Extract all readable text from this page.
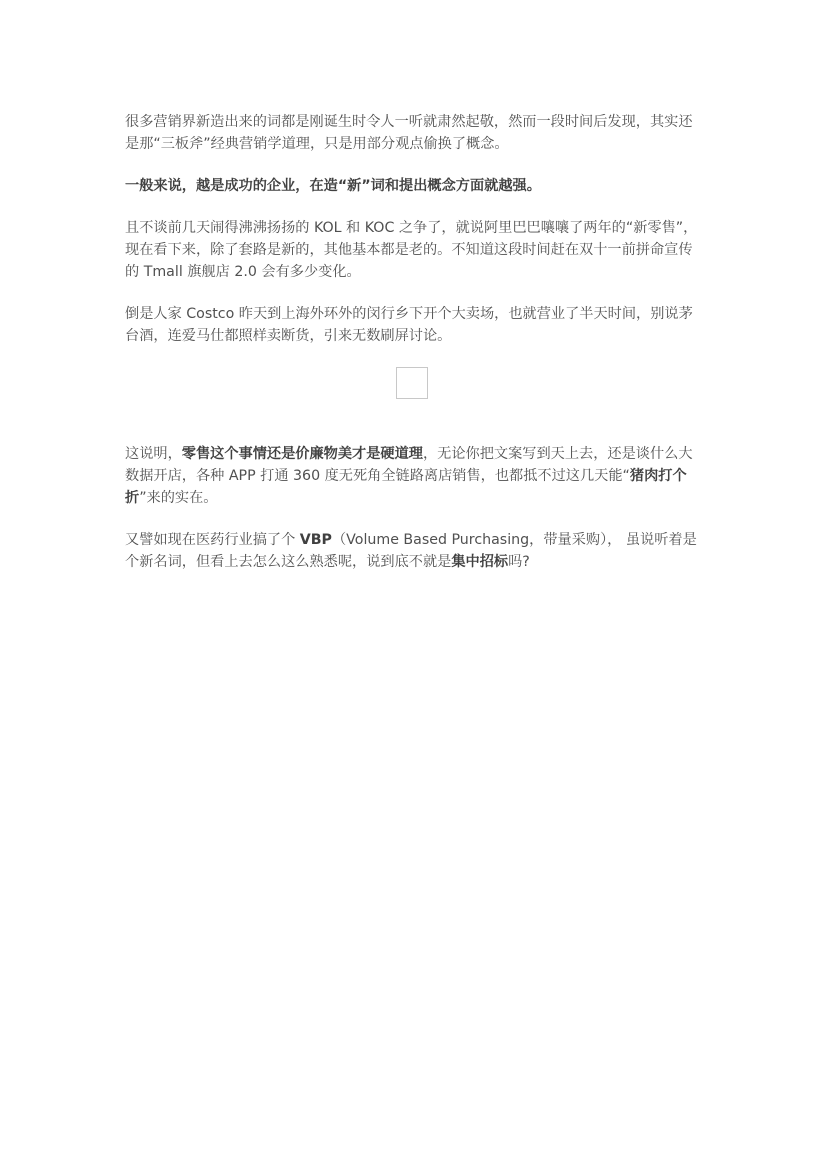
很多营销界新造出来的词都是刚诞生时令人一听就肃然起敬，然而一段时间后发现，其实还是那“三板斧”经典营销学道理，只是用部分观点偷换了概念。

一般来说，越是成功的企业，在造“新”词和提出概念方面就越强。

且不谈前几天闹得沸沸扬扬的 KOL 和 KOC 之争了，就说阿里巴巴嚷嚷了两年的“新零售”，现在看下来，除了套路是新的，其他基本都是老的。不知道这段时间赶在双十一前拼命宣传的 Tmall 旗舰店 2.0 会有多少变化。

倒是人家 Costco 昨天到上海外环外的闵行乡下开个大卖场，也就营业了半天时间，别说茅台酒，连爱马仕都照样卖断货，引来无数刷屏讨论。

这说明，零售这个事情还是价廉物美才是硬道理，无论你把文案写到天上去，还是谈什么大数据开店，各种 APP 打通 360 度无死角全链路离店销售，也都抵不过这几天能“猪肉打个折”来的实在。

又譬如现在医药行业搞了个 VBP（Volume Based Purchasing，带量采购）， 虽说听着是个新名词，但看上去怎么这么熟悉呢，说到底不就是集中招标吗?
